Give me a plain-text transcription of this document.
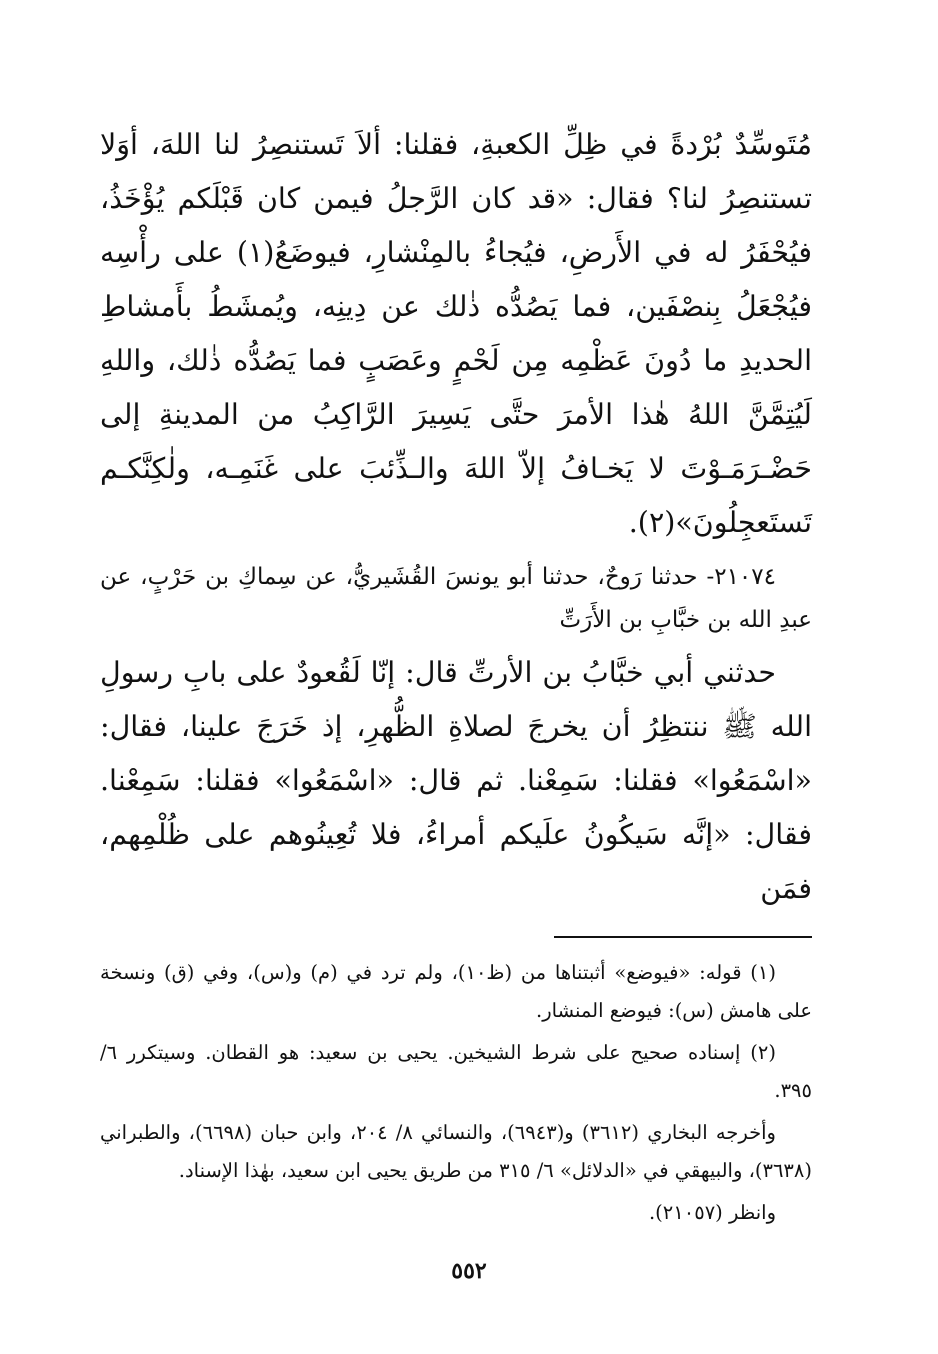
مُتَوسِّدٌ بُرْدةً في ظِلِّ الكعبةِ، فقلنا: ألاَ تَستنصِرُ لنا اللهَ، أوَلا تستنصِرُ لنا؟ فقال: «قد كان الرَّجلُ فيمن كان قَبْلَكم يُؤْخَذُ، فيُحْفَرُ له في الأَرضِ، فيُجاءُ بالمِنْشارِ، فيوضَعُ(١) على رأْسِه فيُجْعَلُ بِنصْفَين، فما يَصُدُّه ذٰلك عن دِينِه، ويُمشَطُ بأَمشاطِ الحديدِ ما دُونَ عَظْمِه مِن لَحْمٍ وعَصَبٍ فما يَصُدُّه ذٰلك، واللهِ لَيُتِمَّنَّ اللهُ هٰذا الأمرَ حتَّى يَسِيرَ الرَّاكِبُ من المدينةِ إلى حَضْـرَمَـوْتَ لا يَخـافُ إلاّ اللهَ والـذِّئبَ على غَنَمِـه، ولٰكِنَّكـم تَستَعجِلُونَ»(٢).

٢١٠٧٤- حدثنا رَوحٌ، حدثنا أبو يونسَ القُشَيريُّ، عن سِماكِ بن حَرْبٍ، عن عبدِ الله بن خبَّابِ بن الأَرَتِّ

حدثني أبي خبَّابُ بن الأرتِّ قال: إنّا لَقُعودٌ على بابِ رسولِ الله ﷺ ننتظِرُ أن يخرجَ لصلاةِ الظُّهرِ، إذ خَرَجَ علينا، فقال: «اسْمَعُوا» فقلنا: سَمِعْنا. ثم قال: «اسْمَعُوا» فقلنا: سَمِعْنا. فقال: «إنَّه سَيكُونُ علَيكم أمراءُ، فلا تُعِينُوهم على ظُلْمِهم، فمَن

(١) قوله: «فيوضع» أثبتناها من (ظ١٠)، ولم ترد في (م) و(س)، وفي (ق) ونسخة على هامش (س): فيوضع المنشار.

(٢) إسناده صحيح على شرط الشيخين. يحيى بن سعيد: هو القطان. وسيتكرر ٦/ ٣٩٥.

وأخرجه البخاري (٣٦١٢) و(٦٩٤٣)، والنسائي ٨/ ٢٠٤، وابن حبان (٦٦٩٨)، والطبراني (٣٦٣٨)، والبيهقي في «الدلائل» ٦/ ٣١٥ من طريق يحيى ابن سعيد، بهٰذا الإسناد.

وانظر (٢١٠٥٧).

٥٥٢
